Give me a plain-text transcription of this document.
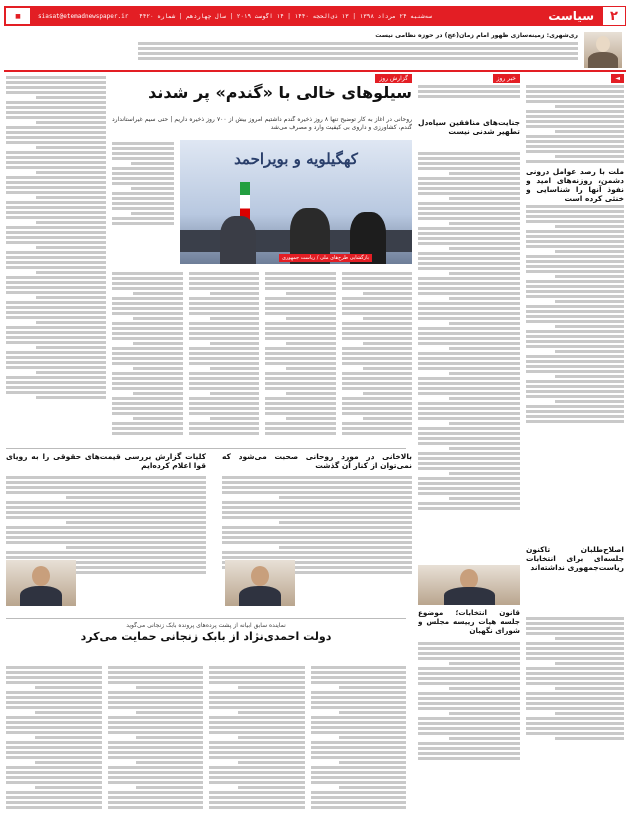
۲
سیاست
siasat@etemadnewspaper.ir سه‌شنبه ۲۴ مرداد ۱۳۹۸ | ۱۳ ذی‌الحجه ۱۴۴۰ | ۱۴ آگوست ۲۰۱۹ | سال چهاردهم | شماره ۴۴۲۰
■
ری‌شهری: زمینه‌سازی ظهور امام زمان(عج) در حوزه نظامی نیست
◄
ملت با رصد عوامل درونی دشمن، روزنه‌های امید و نفوذ آنها را شناسایی و خنثی کرده است
اصلاح‌طلبان تاکنون جلسه‌ای برای انتخابات ریاست‌جمهوری نداشته‌اند
خبر روز
جنایت‌های منافقین سیاه‌دل تطهیر شدنی نیست
قانون انتخابات؛ موضوع جلسه هیات رییسه مجلس و شورای نگهبان
گزارش روز
سیلوهای خالی با «گندم» پر شدند
روحانی در آغاز به کار توضیح تنها ۸ روز ذخیره گندم داشتیم امروز بیش از ۷۰۰ روز ذخیره داریم | حتی سیم غیراستاندارد گندم، کشاورزی و داروی بی کیفیت وارد و مصرف می‌شد
کهگیلویه و بویراحمد
بازگشایی طرح‌های ملی / ریاست جمهوری
بالاخانی در مورد روحانی صحبت می‌شود که نمی‌توان از کنار آن گذشت
کلیات گزارش بررسی قیمت‌های حقوقی را به رویای قوا اعلام کرده‌ایم
نماینده سابق ابیانه از پشت پرده‌های پرونده بابک زنجانی می‌گوید
دولت احمدی‌نژاد از بابک زنجانی حمایت می‌کرد
